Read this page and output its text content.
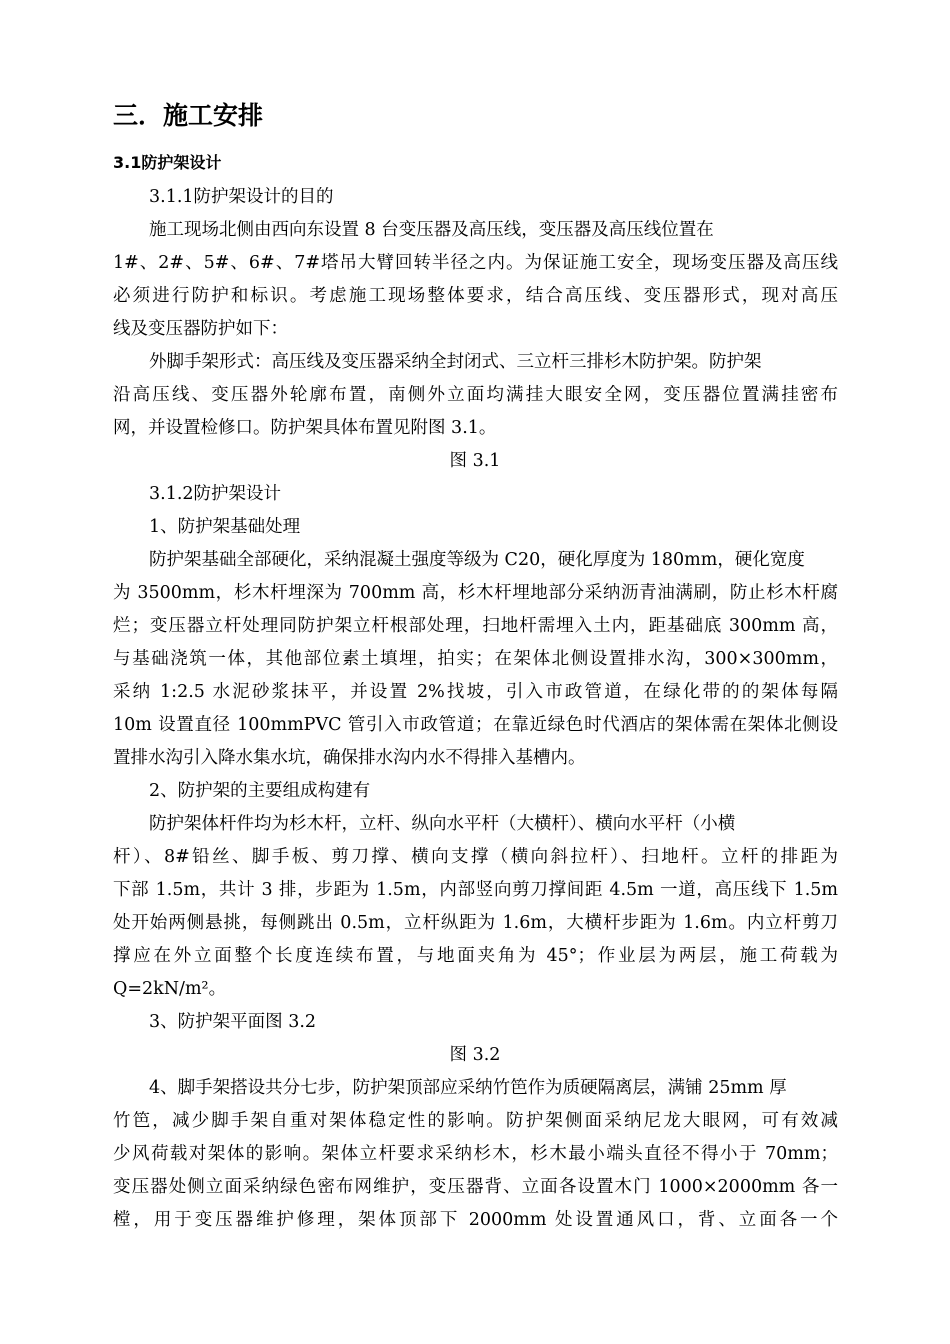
三．施工安排
3.1防护架设计
3.1.1防护架设计的目的
施工现场北侧由西向东设置 8 台变压器及高压线，变压器及高压线位置在
1#、2#、5#、6#、7#塔吊大臂回转半径之内。为保证施工安全，现场变压器及高压线
必须进行防护和标识。考虑施工现场整体要求，结合高压线、变压器形式，现对高压
线及变压器防护如下：
外脚手架形式：高压线及变压器采纳全封闭式、三立杆三排杉木防护架。防护架
沿高压线、变压器外轮廓布置，南侧外立面均满挂大眼安全网，变压器位置满挂密布
网，并设置检修口。防护架具体布置见附图 3.1。
图 3.1
3.1.2防护架设计
1、防护架基础处理
防护架基础全部硬化，采纳混凝土强度等级为 C20，硬化厚度为 180mm，硬化宽度
为 3500mm，杉木杆埋深为 700mm 高，杉木杆埋地部分采纳沥青油满刷，防止杉木杆腐
烂；变压器立杆处理同防护架立杆根部处理，扫地杆需埋入土内，距基础底 300mm 高，
与基础浇筑一体，其他部位素土填埋，拍实；在架体北侧设置排水沟，300×300mm，
采纳 1:2.5 水泥砂浆抹平，并设置 2%找坡，引入市政管道，在绿化带的的架体每隔
10m 设置直径 100mmPVC 管引入市政管道；在靠近绿色时代酒店的架体需在架体北侧设
置排水沟引入降水集水坑，确保排水沟内水不得排入基槽内。
2、防护架的主要组成构建有
防护架体杆件均为杉木杆，立杆、纵向水平杆（大横杆）、横向水平杆（小横
杆）、8#铅丝、脚手板、剪刀撑、横向支撑（横向斜拉杆）、扫地杆。立杆的排距为
下部 1.5m，共计 3 排，步距为 1.5m，内部竖向剪刀撑间距 4.5m 一道，高压线下 1.5m
处开始两侧悬挑，每侧跳出 0.5m，立杆纵距为 1.6m，大横杆步距为 1.6m。内立杆剪刀
撑应在外立面整个长度连续布置，与地面夹角为 45°；作业层为两层，施工荷载为
Q=2kN/m²。
3、防护架平面图 3.2
图 3.2
4、脚手架搭设共分七步，防护架顶部应采纳竹笆作为质硬隔离层，满铺 25mm 厚
竹笆，减少脚手架自重对架体稳定性的影响。防护架侧面采纳尼龙大眼网，可有效减
少风荷载对架体的影响。架体立杆要求采纳杉木，杉木最小端头直径不得小于 70mm；
变压器处侧立面采纳绿色密布网维护，变压器背、立面各设置木门 1000×2000mm 各一
樘，用于变压器维护修理，架体顶部下 2000mm 处设置通风口，背、立面各一个
